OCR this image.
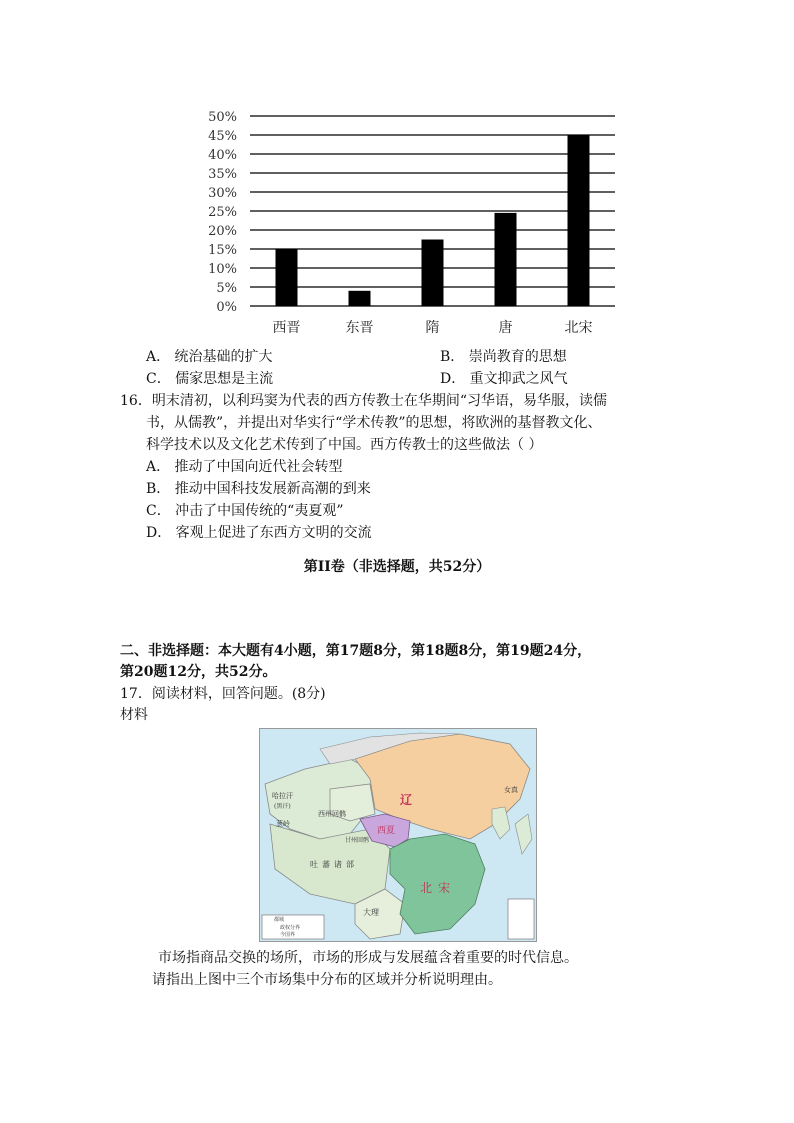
0%
5%
10%
15%
20%
25%
30%
35%
40%
45%
50%
西晋	东晋	隋	唐	北宋
A． 统治基础的扩大	B． 崇尚教育的思想
C． 儒家思想是主流	D． 重文抑武之风气
16．明末清初，以利玛窦为代表的西方传教士在华期间“习华语，易华服，读儒
书，从儒教”，并提出对华实行“学术传教”的思想，将欧洲的基督教文化、
科学技术以及文化艺术传到了中国。西方传教士的这些做法（ ）
A． 推动了中国向近代社会转型
B． 推动中国科技发展新高潮的到来
C． 冲击了中国传统的“夷夏观”
D． 客观上促进了东西方文明的交流
第II卷（非选择题，共52分）
二、非选择题：本大题有4小题，第17题8分，第18题8分，第19题24分，
第20题12分，共52分。
17．阅读材料，回答问题。(8分)
材料
辽
西夏
北宋
大理
吐蕃诸部
西州回鹘
哈拉汗
(黑汗)
葱岭
甘州回鹘
女真
都城
政权分界
今国界
市场指商品交换的场所，市场的形成与发展蕴含着重要的时代信息。
请指出上图中三个市场集中分布的区域并分析说明理由。
